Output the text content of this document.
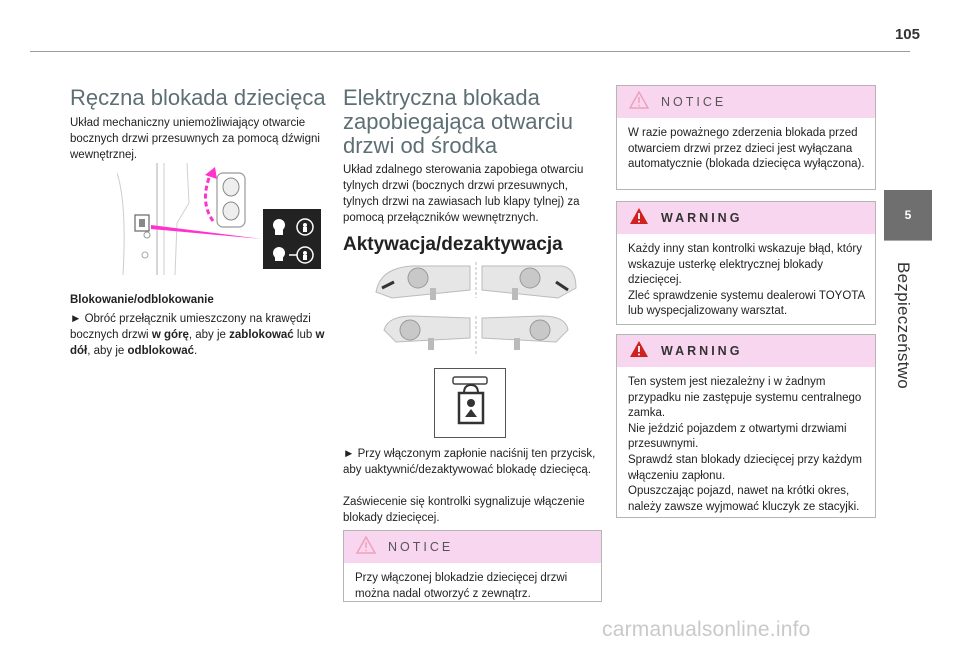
105
5
Bezpieczeństwo
Ręczna blokada dziecięca
Układ mechaniczny uniemożliwiający otwarcie bocznych drzwi przesuwnych za pomocą dźwigni wewnętrznej.
Blokowanie/odblokowanie
► Obróć przełącznik umieszczony na krawędzi bocznych drzwi w górę, aby je zablokować lub w dół, aby je odblokować.
Elektryczna blokada zapobiegająca otwarciu drzwi od środka
Układ zdalnego sterowania zapobiega otwarciu tylnych drzwi (bocznych drzwi przesuwnych, tylnych drzwi na zawiasach lub klapy tylnej) za pomocą przełączników wewnętrznych.
Aktywacja/dezaktywacja
► Przy włączonym zapłonie naciśnij ten przycisk, aby uaktywnić/dezaktywować blokadę dziecięcą.
Zaświecenie się kontrolki sygnalizuje włączenie blokady dziecięcej.
NOTICE
Przy włączonej blokadzie dziecięcej drzwi można nadal otworzyć z zewnątrz.
NOTICE
W razie poważnego zderzenia blokada przed otwarciem drzwi przez dzieci jest wyłączana automatycznie (blokada dziecięca wyłączona).
WARNING
Każdy inny stan kontrolki wskazuje błąd, który wskazuje usterkę elektrycznej blokady dziecięcej.
Zleć sprawdzenie systemu dealerowi TOYOTA lub wyspecjalizowany warsztat.
WARNING
Ten system jest niezależny i w żadnym przypadku nie zastępuje systemu centralnego zamka.
Nie jeździć pojazdem z otwartymi drzwiami przesuwnymi.
Sprawdź stan blokady dziecięcej przy każdym włączeniu zapłonu.
Opuszczając pojazd, nawet na krótki okres, należy zawsze wyjmować kluczyk ze stacyjki.
carmanualsonline.info
